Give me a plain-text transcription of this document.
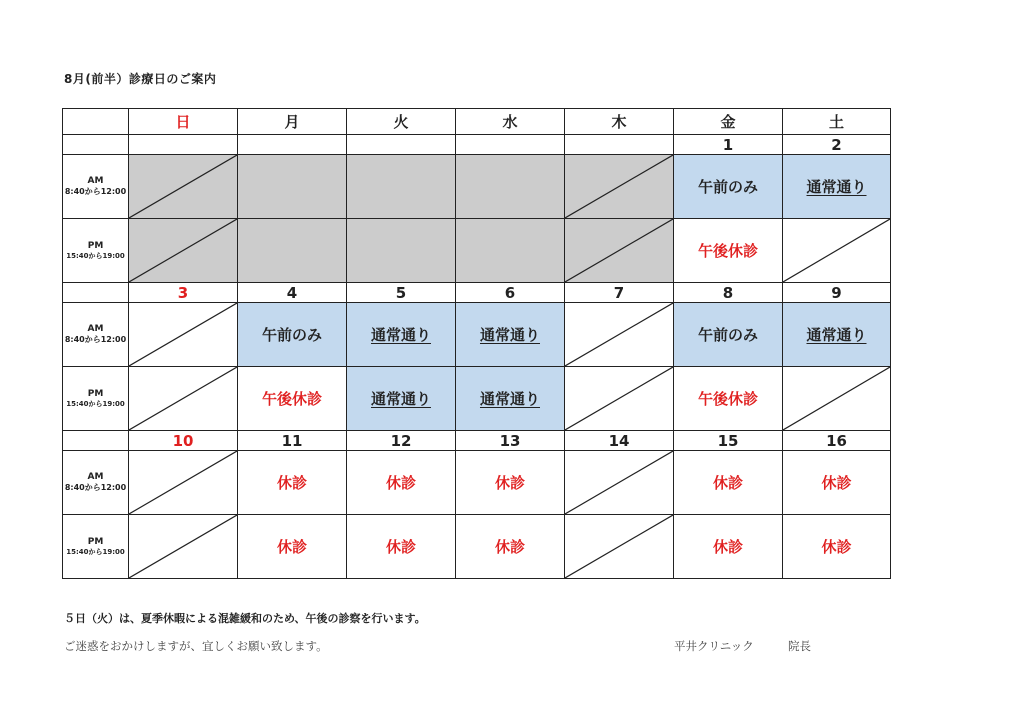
8月(前半）診療日のご案内
	日	月	火	水	木	金	土
						1	2

AM
8:40から12:00						午前のみ	通常通り

PM
15:40から19:00						午後休診	

	3	4	5	6	7	8	9

AM
8:40から12:00		午前のみ	通常通り	通常通り		午前のみ	通常通り

PM
15:40から19:00		午後休診	通常通り	通常通り		午後休診	

	10	11	12	13	14	15	16

AM
8:40から12:00		休診	休診	休診		休診	休診

PM
15:40から19:00		休診	休診	休診		休診	休診
５日（火）は、夏季休暇による混雑緩和のため、午後の診察を行います。
ご迷惑をおかけしますが、宜しくお願い致します。	平井クリニック	院長
